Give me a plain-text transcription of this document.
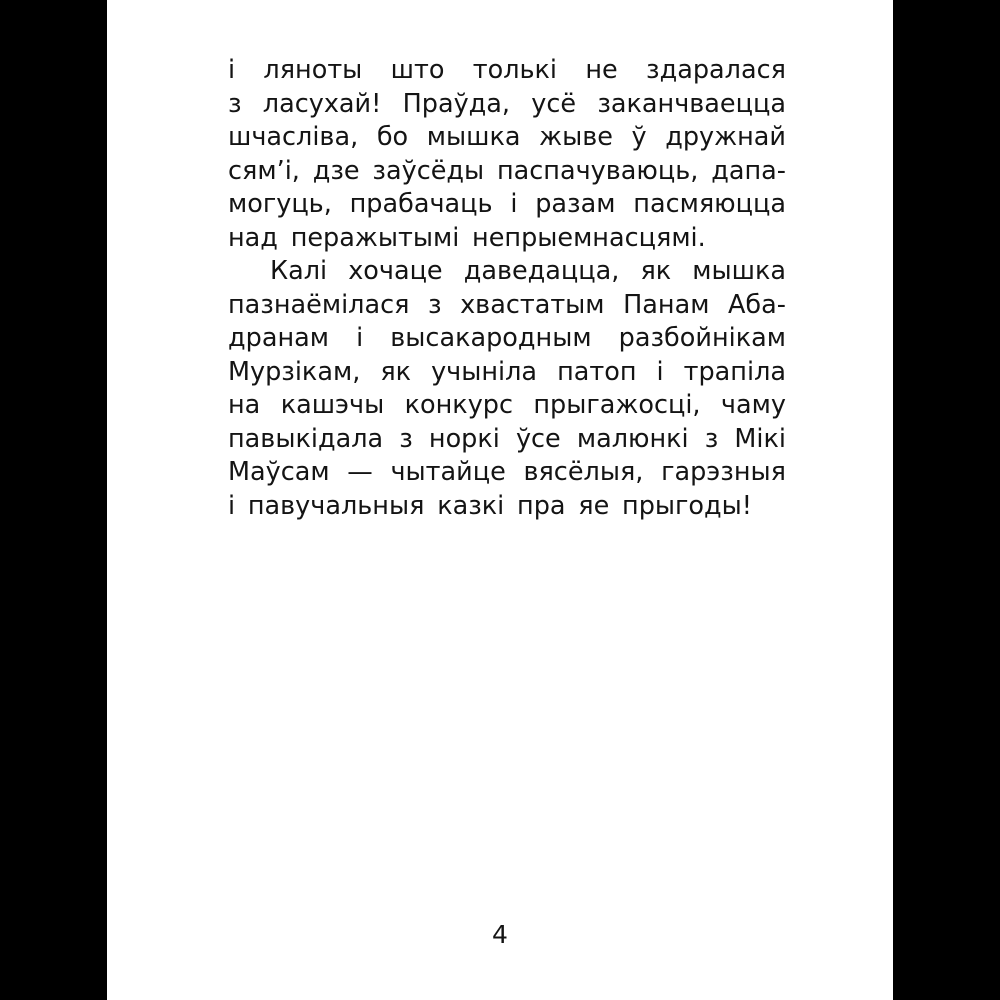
і ляноты што толькі не здаралася
з ласухай! Праўда, усё заканчваецца
шчасліва, бо мышка жыве ў дружнай
сям’і, дзе заўсёды паспачуваюць, дапа-
могуць, прабачаць і разам пасмяюцца
над перажытымі непрыемнасцямі.
Калі хочаце даведацца, як мышка
пазнаёмілася з хвастатым Панам Аба-
дранам і высакародным разбойнікам
Мурзікам, як учыніла патоп і трапіла
на кашэчы конкурс прыгажосці, чаму
павыкідала з норкі ўсе малюнкі з Мікі
Маўсам — чытайце вясёлыя, гарэзныя
і павучальныя казкі пра яе прыгоды!
4
